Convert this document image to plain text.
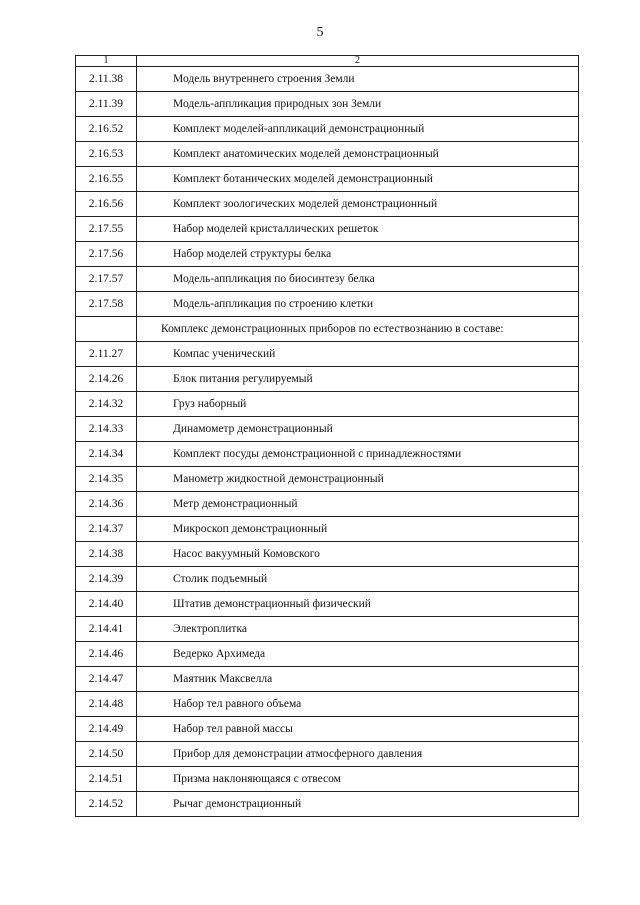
5
1	2
2.11.38	Модель внутреннего строения Земли
2.11.39	Модель-аппликация природных зон Земли
2.16.52	Комплект моделей-аппликаций демонстрационный
2.16.53	Комплект анатомических моделей демонстрационный
2.16.55	Комплект ботанических моделей демонстрационный
2.16.56	Комплект зоологических моделей демонстрационный
2.17.55	Набор моделей кристаллических решеток
2.17.56	Набор моделей структуры белка
2.17.57	Модель-аппликация по биосинтезу белка
2.17.58	Модель-аппликация по строению клетки
	Комплекс демонстрационных приборов по естествознанию в составе:
2.11.27	Компас ученический
2.14.26	Блок питания регулируемый
2.14.32	Груз наборный
2.14.33	Динамометр демонстрационный
2.14.34	Комплект посуды демонстрационной с принадлежностями
2.14.35	Манометр жидкостной демонстрационный
2.14.36	Метр демонстрационный
2.14.37	Микроскоп демонстрационный
2.14.38	Насос вакуумный Комовского
2.14.39	Столик подъемный
2.14.40	Штатив демонстрационный физический
2.14.41	Электроплитка
2.14.46	Ведерко Архимеда
2.14.47	Маятник Максвелла
2.14.48	Набор тел равного объема
2.14.49	Набор тел равной массы
2.14.50	Прибор для демонстрации атмосферного давления
2.14.51	Призма наклоняющаяся с отвесом
2.14.52	Рычаг демонстрационный
